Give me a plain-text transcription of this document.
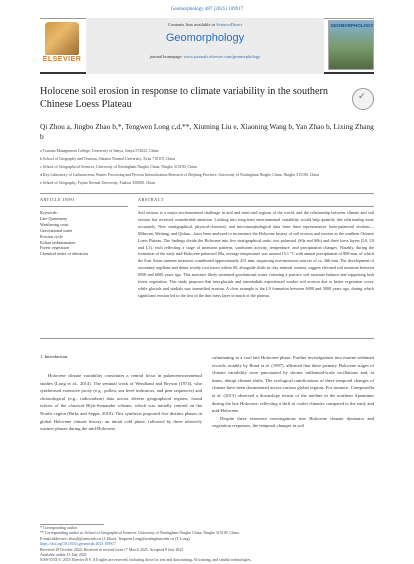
Geomorphology 487 (2025) 109917
ELSEVIER
Contents lists available at ScienceDirect
Geomorphology
journal homepage: www.journals.elsevier.com/geomorphology
GEOMORPHOLOGY
Holocene soil erosion in response to climate variability in the southern Chinese Loess Plateau
✓
Qi Zhou a, Jingbo Zhao b,*, Tengwen Long c,d,**, Xiuming Liu e, Xiaoning Wang b, Yan Zhao b, Lixing Zhang b
a Tourism Management College, University of Sanya, Sanya 572022, China
b School of Geography and Tourism, Shaanxi Normal University, Xi'an 710119, China
c School of Geographical Sciences, University of Nottingham Ningbo China, Ningbo 315100, China
d Key Laboratory of Carbonaceous Wastes Processing and Process Intensification Research of Zhejiang Province, University of Nottingham Ningbo China, Ningbo 315100, China
e School of Geography, Fujian Normal University, Fuzhou 350000, China
ARTICLE INFO
Keywords:
Late Quaternary
Weathering crust
Gravitational water
Erosion cycle
Eolian sedimentation
Forest vegetation
Chemical index of alteration
ABSTRACT
Soil erosion is a major environmental challenge in arid and semi-arid regions of the world, and the relationship between climate and soil erosion has received considerable attention. Looking into long-term environmental variability would help quantify this relationship more accurately. New stratigraphical, physical-chemical, and micromorphological data from three representative loess-palaeosol sections—Mihecun, Weitang, and Qishuo—have been analyzed to reconstruct the Holocene history of soil erosion and erosion in the southern Chinese Loess Plateau. The findings divide the Holocene into five stratigraphical units: two palaeosol (S0a and S0b) and three loess layers (L0, L0 and L1), each reflecting a stage of monsoon patterns, sandstorm activity, temperature, and precipitation changes. Notably, during the formation of the early mid-Holocene palaeosol S0a, average temperature was around 15.1 °C with annual precipitation of 808 mm, of which the East Asian summer monsoon contributed approximately 451 mm, surpassing non-monsoon sources of ca. 366 mm. The development of secondary argillans and dense woody root traces within S0, alongside shifts in clay mineral content, suggest elevated soil moisture between 8500 and 6000 years ago. This moisture likely sustained gravitational water, fostering a positive soil moisture balance and supporting lush forest vegetation. This study proposes that interglacials and interstadials experienced weaker soil erosion due to better vegetation cover, while glacials and stadials saw intensified erosion. A clear example is the L0 formation between 6000 and 5000 years ago, during which significant erosion led to the loss of the thin loess layer in much of the plateau.
1. Introduction
Holocene climate variability constitutes a central focus in palaeoenvironmental studies (Long et al., 2014). The seminal work of Wendland and Bryson (1974), who synthesised extensive proxy (e.g., pollen, sea level indicators, and peat sequences) and chronological (e.g., radiocarbon) data across diverse geographical regions, found echoes of the classical Blytt-Sernander scheme, which was initially centred on the Nordic region (Birks and Seppä, 2010). This synthesis proposed five distinct phases in global Holocene climate history: an initial cold phase, followed by three relatively warmer phases during the mid-Holocene,
culminating in a cool late Holocene phase. Further investigations into marine sediment records, notably by Bond et al. (1997), affirmed that these primary Holocene stages of climate variability were punctuated by shorter millennial-scale oscillations and, at times, abrupt climate shifts. The ecological ramifications of these temporal changes of climate have been documented across various global regions. For instance, Compostella et al. (2013) observed a downslope retreat of the treeline in the northern Apennines during the late Holocene, reflecting a shift to cooler climates compared to the early and mid-Holocene.
Despite these extensive investigations into Holocene climate dynamics and vegetation responses, the temporal changes in soil
* Corresponding author.
** Corresponding author at: School of Geographical Sciences, University of Nottingham Ningbo China, Ningbo 315100, China.
E-mail addresses: zhaojb@snnu.edu.cn (J. Zhao), Tengwen.Long@nottingham.edu.cn (T. Long).
https://doi.org/10.1016/j.geomorph.2025.109917
Received 29 October 2024; Received in revised form 17 March 2025; Accepted 9 July 2025
Available online 13 July 2025
0169-555X/© 2025 Elsevier B.V. All rights are reserved, including those for text and data mining, AI training, and similar technologies.
